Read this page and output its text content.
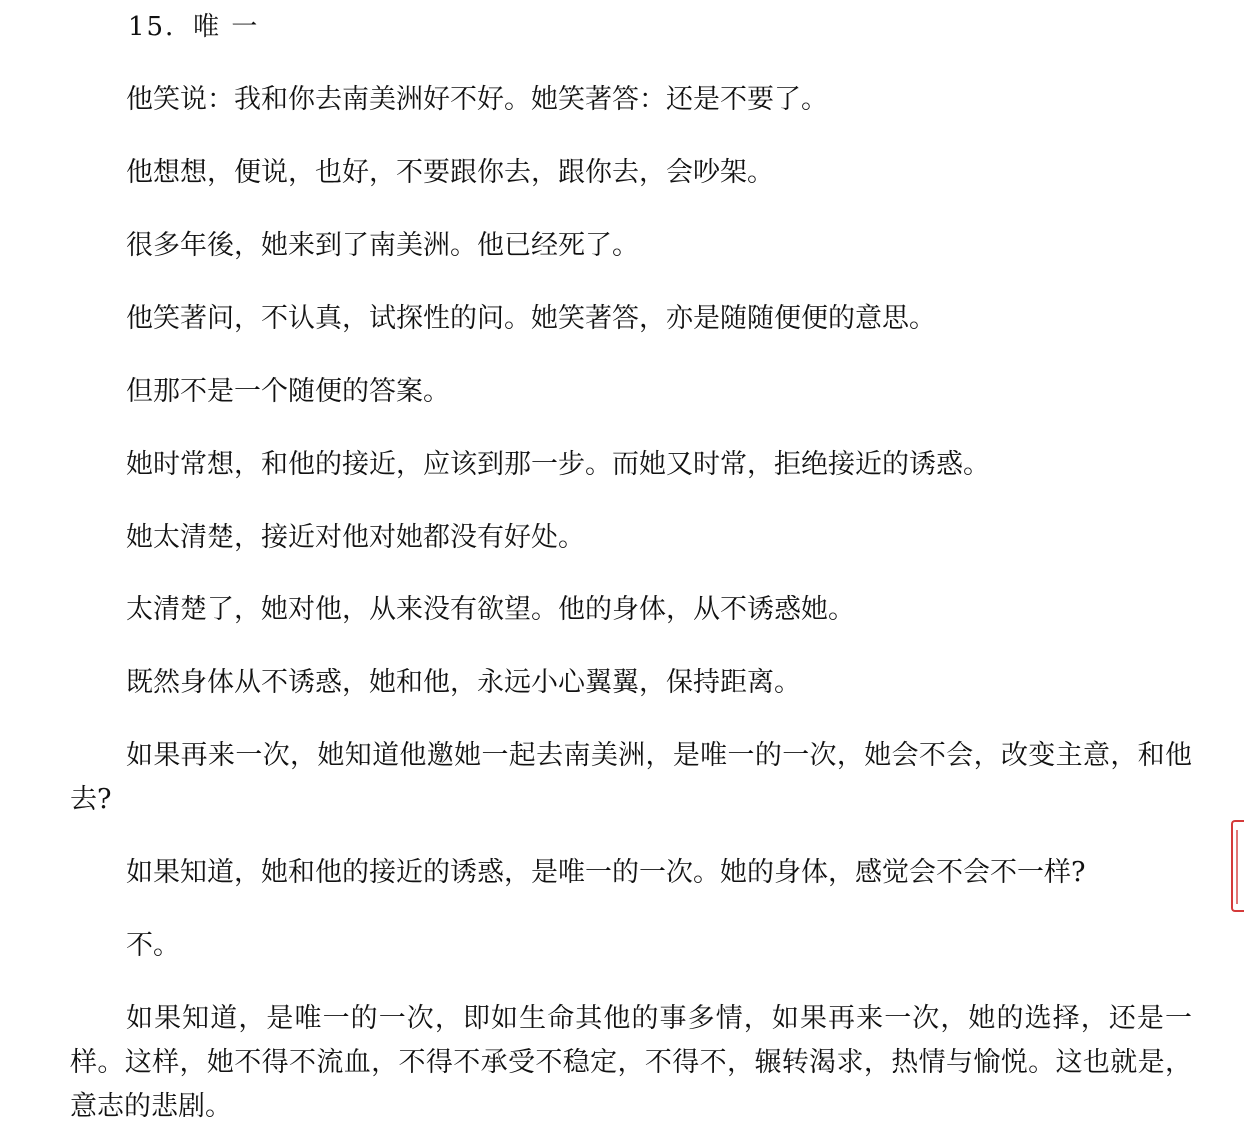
15．唯 一

他笑说：我和你去南美洲好不好。她笑著答：还是不要了。

他想想，便说，也好，不要跟你去，跟你去，会吵架。

很多年後，她来到了南美洲。他已经死了。

他笑著问，不认真，试探性的问。她笑著答，亦是随随便便的意思。

但那不是一个随便的答案。

她时常想，和他的接近，应该到那一步。而她又时常，拒绝接近的诱惑。

她太清楚，接近对他对她都没有好处。

太清楚了，她对他，从来没有欲望。他的身体，从不诱惑她。

既然身体从不诱惑，她和他，永远小心翼翼，保持距离。

如果再来一次，她知道他邀她一起去南美洲，是唯一的一次，她会不会，改变主意，和他去?

如果知道，她和他的接近的诱惑，是唯一的一次。她的身体，感觉会不会不一样?

不。

如果知道，是唯一的一次，即如生命其他的事多情，如果再来一次，她的选择，还是一样。这样，她不得不流血，不得不承受不稳定，不得不，辗转渴求，热情与愉悦。这也就是，意志的悲剧。
